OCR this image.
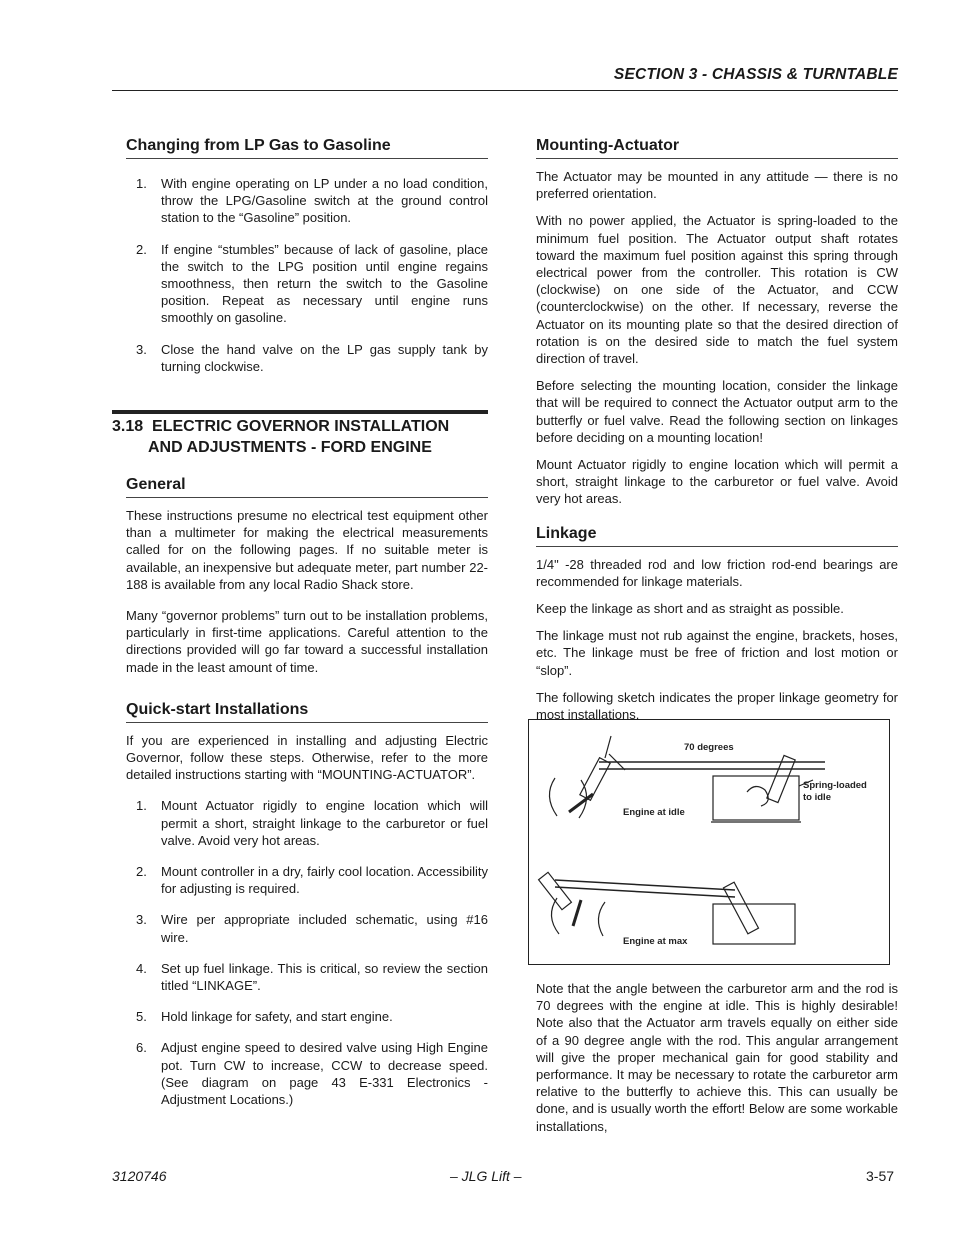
SECTION 3 - CHASSIS & TURNTABLE
Changing from LP Gas to Gasoline
1. With engine operating on LP under a no load condition, throw the LPG/Gasoline switch at the ground control station to the “Gasoline” position.
2. If engine “stumbles” because of lack of gasoline, place the switch to the LPG position until engine regains smoothness, then return the switch to the Gasoline position. Repeat as necessary until engine runs smoothly on gasoline.
3. Close the hand valve on the LP gas supply tank by turning clockwise.
3.18  ELECTRIC GOVERNOR INSTALLATION
AND ADJUSTMENTS - FORD ENGINE
General
These instructions presume no electrical test equipment other than a multimeter for making the electrical measurements called for on the following pages. If no suitable meter is available, an inexpensive but adequate meter, part number 22-188 is available from any local Radio Shack store.
Many “governor problems” turn out to be installation problems, particularly in first-time applications. Careful attention to the directions provided will go far toward a successful installation made in the least amount of time.
Quick-start Installations
If you are experienced in installing and adjusting Electric Governor, follow these steps. Otherwise, refer to the more detailed instructions starting with “MOUNTING-ACTUATOR”.
1. Mount Actuator rigidly to engine location which will permit a short, straight linkage to the carburetor or fuel valve. Avoid very hot areas.
2. Mount controller in a dry, fairly cool location. Accessibility for adjusting is required.
3. Wire per appropriate included schematic, using #16 wire.
4. Set up fuel linkage. This is critical, so review the section titled “LINKAGE”.
5. Hold linkage for safety, and start engine.
6. Adjust engine speed to desired valve using High Engine pot. Turn CW to increase, CCW to decrease speed. (See diagram on page 43 E-331 Electronics - Adjustment Locations.)
Mounting-Actuator
The Actuator may be mounted in any attitude — there is no preferred orientation.
With no power applied, the Actuator is spring-loaded to the minimum fuel position. The Actuator output shaft rotates toward the maximum fuel position against this spring through electrical power from the controller. This rotation is CW (clockwise) on one side of the Actuator, and CCW (counterclockwise) on the other. If necessary, reverse the Actuator on its mounting plate so that the desired direction of rotation is on the desired side to match the fuel system direction of travel.
Before selecting the mounting location, consider the linkage that will be required to connect the Actuator output arm to the butterfly or fuel valve. Read the following section on linkages before deciding on a mounting location!
Mount Actuator rigidly to engine location which will permit a short, straight linkage to the carburetor or fuel valve. Avoid very hot areas.
Linkage
1/4" -28 threaded rod and low friction rod-end bearings are recommended for linkage materials.
Keep the linkage as short and as straight as possible.
The linkage must not rub against the engine, brackets, hoses, etc. The linkage must be free of friction and lost motion or “slop”.
The following sketch indicates the proper linkage geometry for most installations.
70 degrees
Spring-loaded
to idle
Engine at idle
Engine at max
Note that the angle between the carburetor arm and the rod is 70 degrees with the engine at idle. This is highly desirable! Note also that the Actuator arm travels equally on either side of a 90 degree angle with the rod. This angular arrangement will give the proper mechanical gain for good stability and performance. It may be necessary to rotate the carburetor arm relative to the butterfly to achieve this. This can usually be done, and is usually worth the effort! Below are some workable installations,
3120746	– JLG Lift –	3-57
